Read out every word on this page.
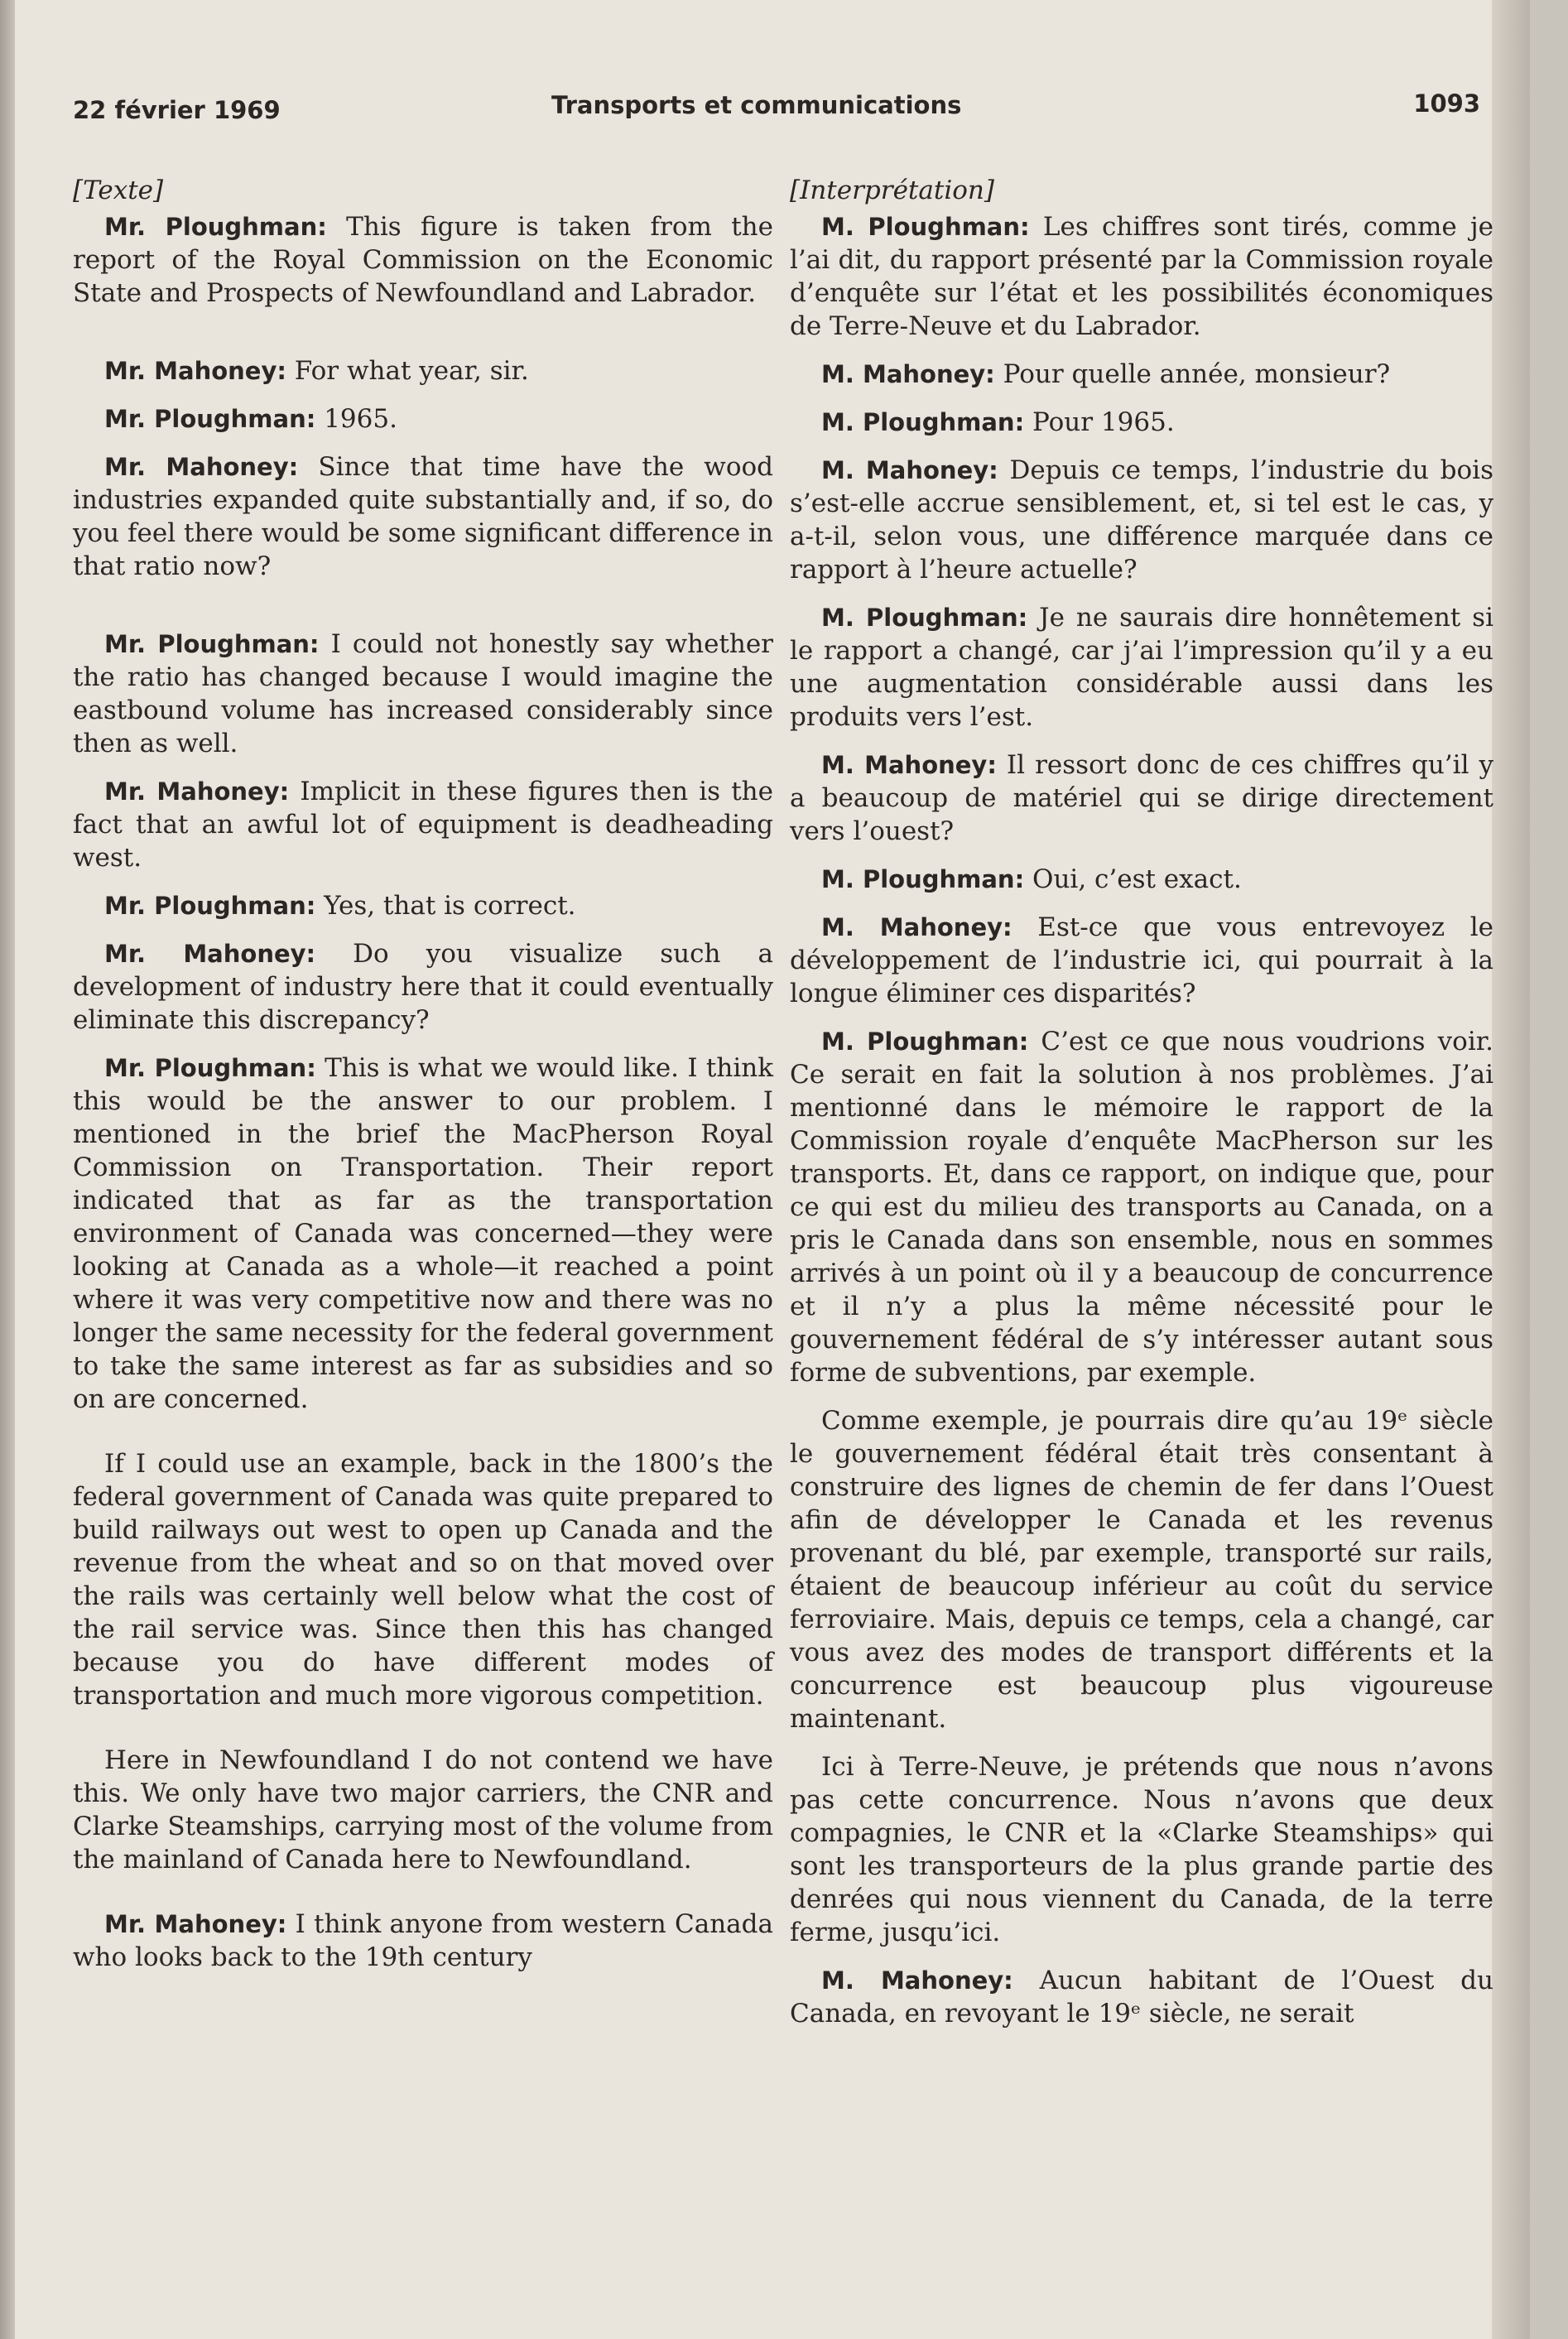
22 février 1969	Transports et communications	1093
[Texte]

Mr. Ploughman: This figure is taken from the report of the Royal Commission on the Economic State and Prospects of Newfoundland and Labrador.

Mr. Mahoney: For what year, sir.

Mr. Ploughman: 1965.

Mr. Mahoney: Since that time have the wood industries expanded quite substantially and, if so, do you feel there would be some significant difference in that ratio now?

Mr. Ploughman: I could not honestly say whether the ratio has changed because I would imagine the eastbound volume has increased considerably since then as well.

Mr. Mahoney: Implicit in these figures then is the fact that an awful lot of equipment is deadheading west.

Mr. Ploughman: Yes, that is correct.

Mr. Mahoney: Do you visualize such a development of industry here that it could eventually eliminate this discrepancy?

Mr. Ploughman: This is what we would like. I think this would be the answer to our problem. I mentioned in the brief the MacPherson Royal Commission on Transportation. Their report indicated that as far as the transportation environment of Canada was concerned—they were looking at Canada as a whole—it reached a point where it was very competitive now and there was no longer the same necessity for the federal government to take the same interest as far as subsidies and so on are concerned.

If I could use an example, back in the 1800’s the federal government of Canada was quite prepared to build railways out west to open up Canada and the revenue from the wheat and so on that moved over the rails was certainly well below what the cost of the rail service was. Since then this has changed because you do have different modes of transportation and much more vigorous competition.

Here in Newfoundland I do not contend we have this. We only have two major carriers, the CNR and Clarke Steamships, carrying most of the volume from the mainland of Canada here to Newfoundland.

Mr. Mahoney: I think anyone from western Canada who looks back to the 19th century

[Interprétation]

M. Ploughman: Les chiffres sont tirés, comme je l’ai dit, du rapport présenté par la Commission royale d’enquête sur l’état et les possibilités économiques de Terre-Neuve et du Labrador.

M. Mahoney: Pour quelle année, monsieur?

M. Ploughman: Pour 1965.

M. Mahoney: Depuis ce temps, l’industrie du bois s’est-elle accrue sensiblement, et, si tel est le cas, y a-t-il, selon vous, une différence marquée dans ce rapport à l’heure actuelle?

M. Ploughman: Je ne saurais dire honnêtement si le rapport a changé, car j’ai l’impression qu’il y a eu une augmentation considérable aussi dans les produits vers l’est.

M. Mahoney: Il ressort donc de ces chiffres qu’il y a beaucoup de matériel qui se dirige directement vers l’ouest?

M. Ploughman: Oui, c’est exact.

M. Mahoney: Est-ce que vous entrevoyez le développement de l’industrie ici, qui pourrait à la longue éliminer ces disparités?

M. Ploughman: C’est ce que nous voudrions voir. Ce serait en fait la solution à nos problèmes. J’ai mentionné dans le mémoire le rapport de la Commission royale d’enquête MacPherson sur les transports. Et, dans ce rapport, on indique que, pour ce qui est du milieu des transports au Canada, on a pris le Canada dans son ensemble, nous en sommes arrivés à un point où il y a beaucoup de concurrence et il n’y a plus la même nécessité pour le gouvernement fédéral de s’y intéresser autant sous forme de subventions, par exemple.

Comme exemple, je pourrais dire qu’au 19ᵉ siècle le gouvernement fédéral était très consentant à construire des lignes de chemin de fer dans l’Ouest afin de développer le Canada et les revenus provenant du blé, par exemple, transporté sur rails, étaient de beaucoup inférieur au coût du service ferroviaire. Mais, depuis ce temps, cela a changé, car vous avez des modes de transport différents et la concurrence est beaucoup plus vigoureuse maintenant.

Ici à Terre-Neuve, je prétends que nous n’avons pas cette concurrence. Nous n’avons que deux compagnies, le CNR et la «Clarke Steamships» qui sont les transporteurs de la plus grande partie des denrées qui nous viennent du Canada, de la terre ferme, jusqu’ici.

M. Mahoney: Aucun habitant de l’Ouest du Canada, en revoyant le 19ᵉ siècle, ne serait
